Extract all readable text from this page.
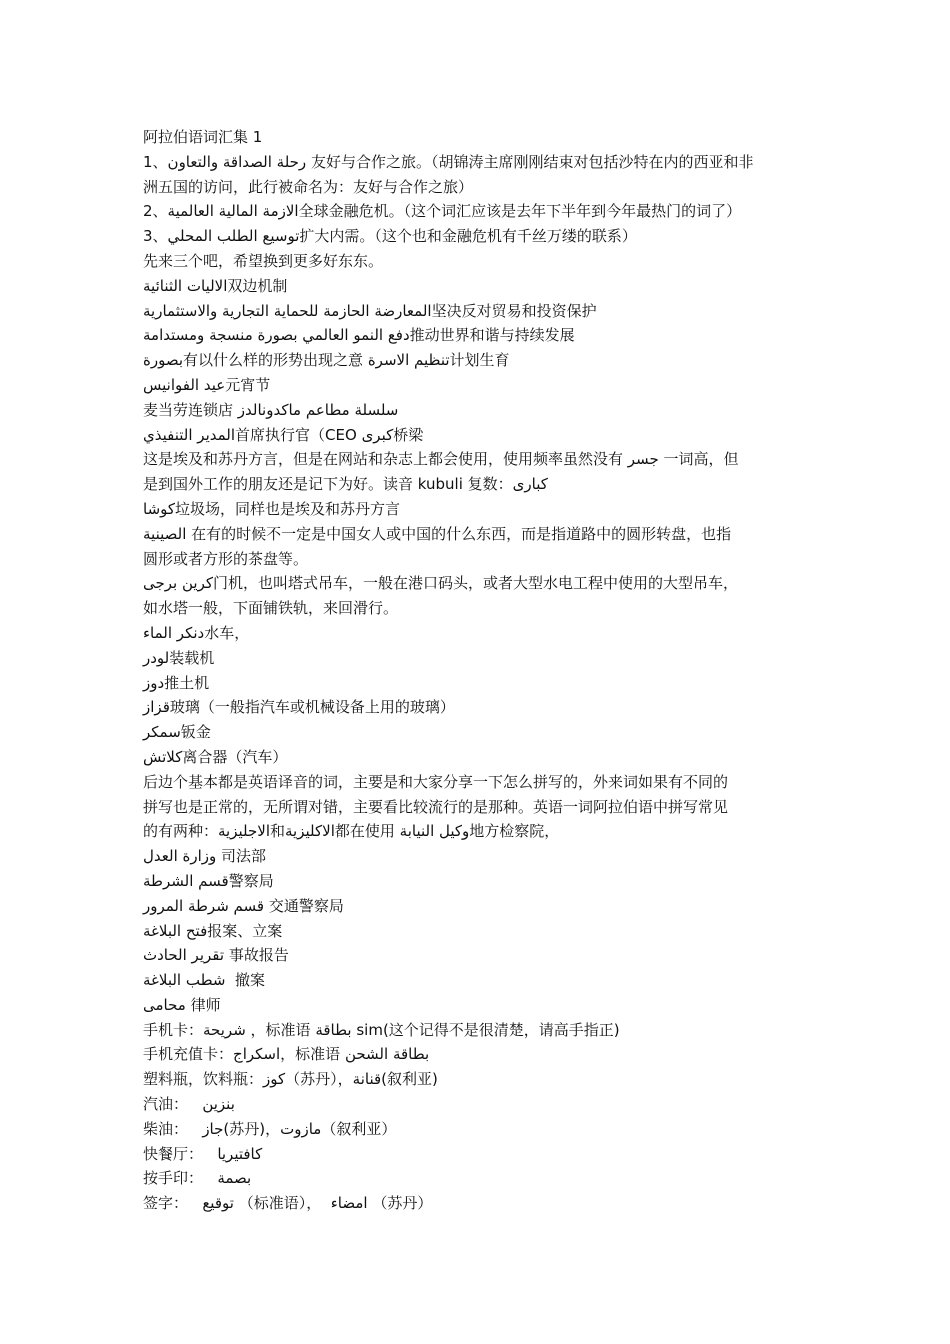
阿拉伯语词汇集 1

1、رحلة الصداقة والتعاون 友好与合作之旅。（胡锦涛主席刚刚结束对包括沙特在内的西亚和非

洲五国的访问，此行被命名为：友好与合作之旅）

2、الازمة المالية العالمية全球金融危机。（这个词汇应该是去年下半年到今年最热门的词了）

3、توسيع الطلب المحلي扩大内需。（这个也和金融危机有千丝万缕的联系）

先来三个吧，希望换到更多好东东。

الاليات الثنائية双边机制

المعارضة الحازمة للحماية التجارية والاستثمارية坚决反对贸易和投资保护

دفع النمو العالمي بصورة منسجة ومستدامة推动世界和谐与持续发展

بصورة有以什么样的形势出现之意 تنظيم الاسرة计划生育

عيد الفوانيس元宵节

麦当劳连锁店 سلسلة مطاعم ماكدونالدز

المدير التنفيذي首席执行官（CEO كبرى桥梁

这是埃及和苏丹方言，但是在网站和杂志上都会使用，使用频率虽然没有 جسر 一词高，但

是到国外工作的朋友还是记下为好。读音 kubuli 复数：كبارى

كوشا垃圾场，同样也是埃及和苏丹方言

الصينية 在有的时候不一定是中国女人或中国的什么东西，而是指道路中的圆形转盘，也指

圆形或者方形的茶盘等。

كرين برجى门机，也叫塔式吊车，一般在港口码头，或者大型水电工程中使用的大型吊车，

如水塔一般，下面铺铁轨，来回滑行。

دنكر الماء水车，

لودر装载机

دوز推土机

قزاز玻璃（一般指汽车或机械设备上用的玻璃）

سمكر钣金

كلاتش离合器（汽车）

后边个基本都是英语译音的词，主要是和大家分享一下怎么拼写的，外来词如果有不同的

拼写也是正常的，无所谓对错，主要看比较流行的是那种。英语一词阿拉伯语中拼写常见

的有两种：الاجليزية和الاكليزية都在使用 وكيل النيابة地方检察院，

وزارة العدل 司法部

قسم الشرطة警察局

قسم شرطة المرور 交通警察局

فتح البلاغة报案、立案

تقرير الحادث 事故报告

شطب البلاغة  撤案

محامى 律师

手机卡：شريحة ，标准语 بطاقة sim(这个记得不是很清楚，请高手指正)

手机充值卡：اسكراج，标准语 بطاقة الشحن

塑料瓶，饮料瓶：كوز（苏丹），قنانة(叙利亚)

汽油：   بنزين

柴油：   جاز(苏丹)，مازوت（叙利亚）

快餐厅：   كافتيريا

按手印：   بصمة

签字：   توقيع （标准语），  امضاء （苏丹）
